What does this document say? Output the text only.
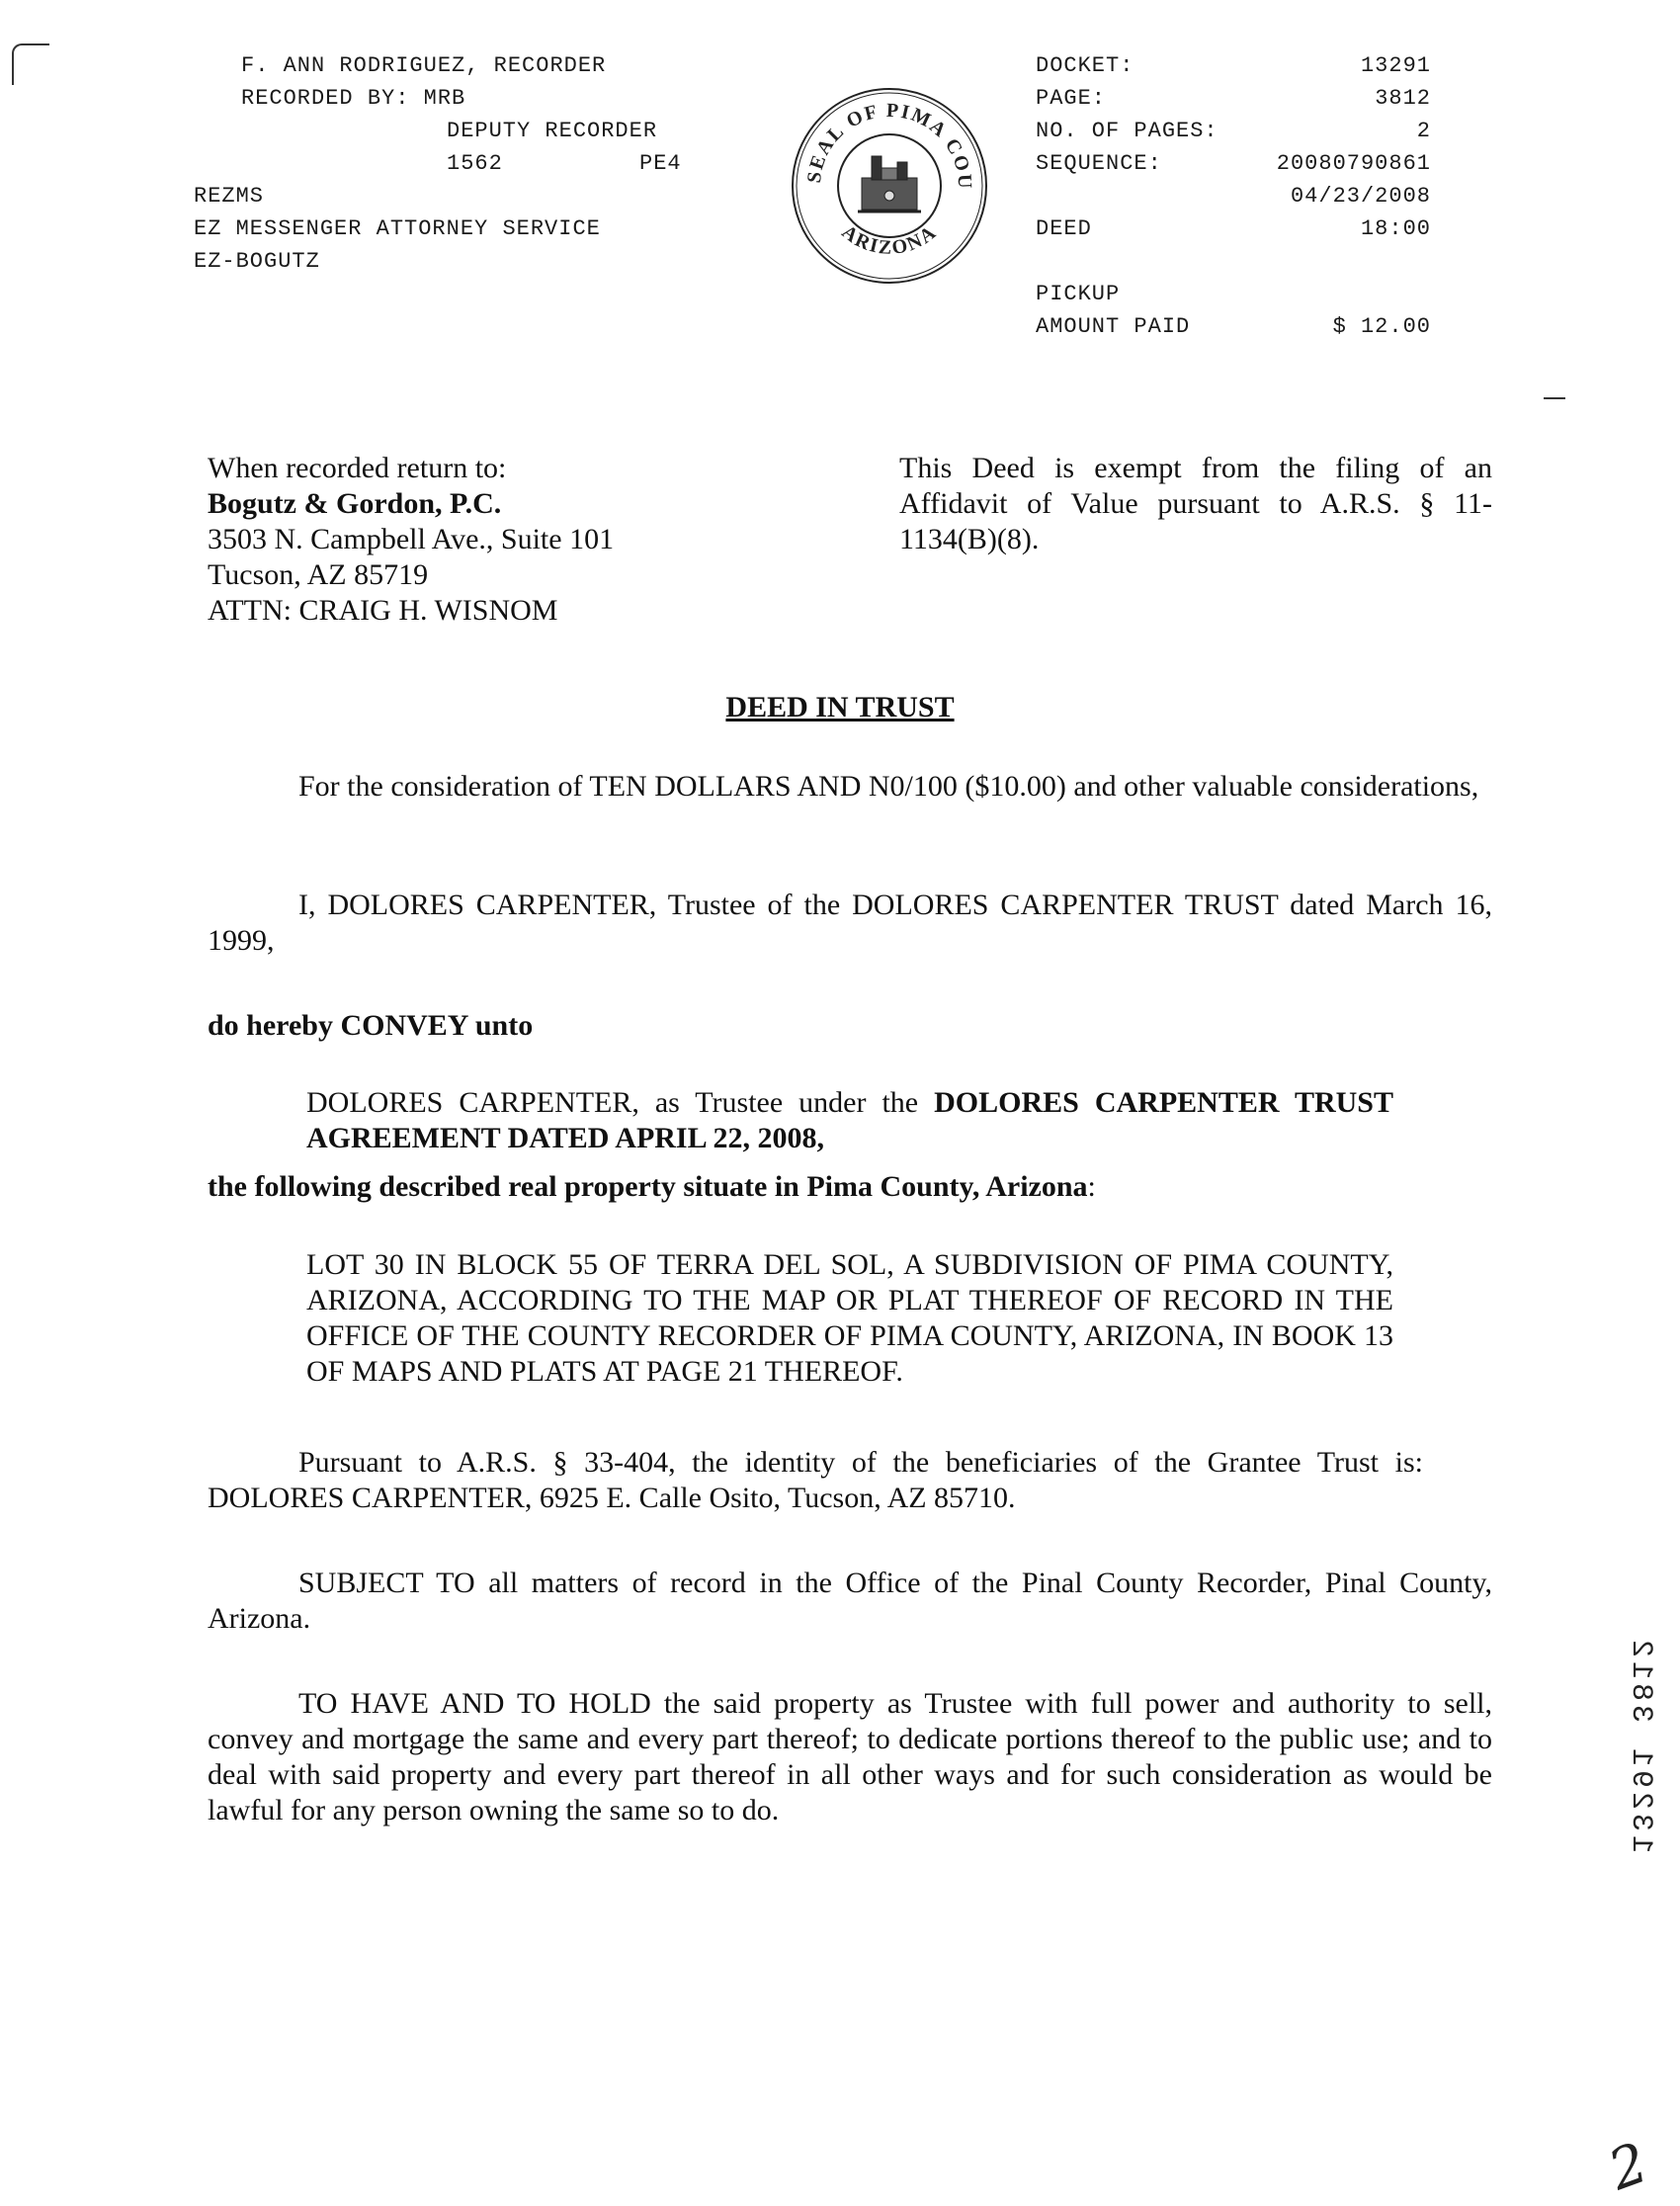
F. ANN RODRIGUEZ, RECORDER
RECORDED BY: MRB
DEPUTY RECORDER
1562	PE4
REZMS
EZ MESSENGER ATTORNEY SERVICE
EZ-BOGUTZ
SEAL OF PIMA COU
ARIZONA
DOCKET:	13291
PAGE:	3812
NO. OF PAGES:	2
SEQUENCE:	20080790861
04/23/2008
DEED	18:00
PICKUP
AMOUNT PAID	$ 12.00
When recorded return to:
Bogutz & Gordon, P.C.
3503 N. Campbell Ave., Suite 101
Tucson, AZ 85719
ATTN: CRAIG H. WISNOM
This Deed is exempt from the filing of an Affidavit of Value pursuant to A.R.S. § 11-1134(B)(8).
DEED IN TRUST
For the consideration of TEN DOLLARS AND N0/100 ($10.00) and other valuable considerations,
I, DOLORES CARPENTER, Trustee of the DOLORES CARPENTER TRUST dated March 16, 1999,
do hereby CONVEY unto
DOLORES CARPENTER, as Trustee under the DOLORES CARPENTER TRUST AGREEMENT DATED APRIL 22, 2008,
the following described real property situate in Pima County, Arizona:
LOT 30 IN BLOCK 55 OF TERRA DEL SOL, A SUBDIVISION OF PIMA COUNTY, ARIZONA, ACCORDING TO THE MAP OR PLAT THEREOF OF RECORD IN THE OFFICE OF THE COUNTY RECORDER OF PIMA COUNTY, ARIZONA, IN BOOK 13 OF MAPS AND PLATS AT PAGE 21 THEREOF.
Pursuant to A.R.S. § 33-404, the identity of the beneficiaries of the Grantee Trust is: DOLORES CARPENTER, 6925 E. Calle Osito, Tucson, AZ 85710.
SUBJECT TO all matters of record in the Office of the Pinal County Recorder, Pinal County, Arizona.
TO HAVE AND TO HOLD the said property as Trustee with full power and authority to sell, convey and mortgage the same and every part thereof; to dedicate portions thereof to the public use; and to deal with said property and every part thereof in all other ways and for such consideration as would be lawful for any person owning the same so to do.	13291 3812
2
